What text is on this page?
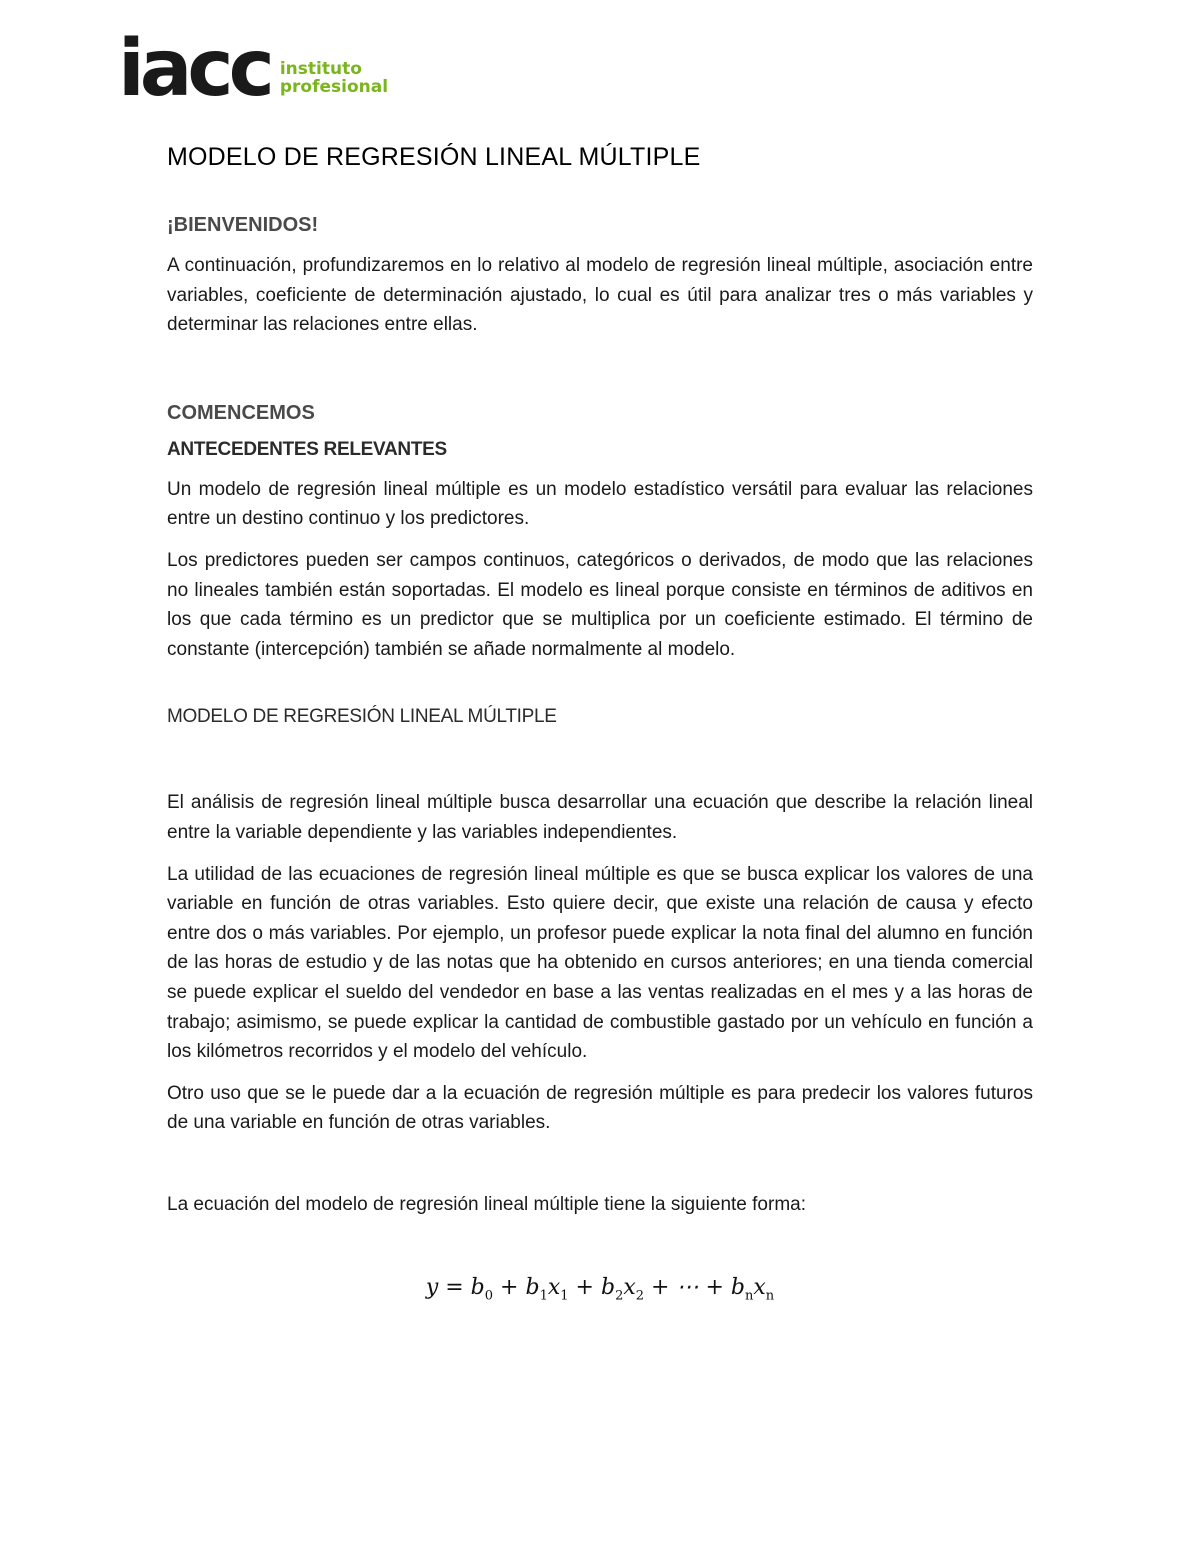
iacc instituto
profesional
MODELO DE REGRESIÓN LINEAL MÚLTIPLE
¡BIENVENIDOS!

A continuación, profundizaremos en lo relativo al modelo de regresión lineal múltiple, asociación entre variables, coeficiente de determinación ajustado, lo cual es útil para analizar tres o más variables y determinar las relaciones entre ellas.

COMENCEMOS
ANTECEDENTES RELEVANTES

Un modelo de regresión lineal múltiple es un modelo estadístico versátil para evaluar las relaciones entre un destino continuo y los predictores.

Los predictores pueden ser campos continuos, categóricos o derivados, de modo que las relaciones no lineales también están soportadas. El modelo es lineal porque consiste en términos de aditivos en los que cada término es un predictor que se multiplica por un coeficiente estimado. El término de constante (intercepción) también se añade normalmente al modelo.

MODELO DE REGRESIÓN LINEAL MÚLTIPLE

El análisis de regresión lineal múltiple busca desarrollar una ecuación que describe la relación lineal entre la variable dependiente y las variables independientes.

La utilidad de las ecuaciones de regresión lineal múltiple es que se busca explicar los valores de una variable en función de otras variables. Esto quiere decir, que existe una relación de causa y efecto entre dos o más variables. Por ejemplo, un profesor puede explicar la nota final del alumno en función de las horas de estudio y de las notas que ha obtenido en cursos anteriores; en una tienda comercial se puede explicar el sueldo del vendedor en base a las ventas realizadas en el mes y a las horas de trabajo; asimismo, se puede explicar la cantidad de combustible gastado por un vehículo en función a los kilómetros recorridos y el modelo del vehículo.

Otro uso que se le puede dar a la ecuación de regresión múltiple es para predecir los valores futuros de una variable en función de otras variables.

La ecuación del modelo de regresión lineal múltiple tiene la siguiente forma:

$y = b_0 + b_1x_1 + b_2x_2$ + ⋯ + $b_nx_n$
